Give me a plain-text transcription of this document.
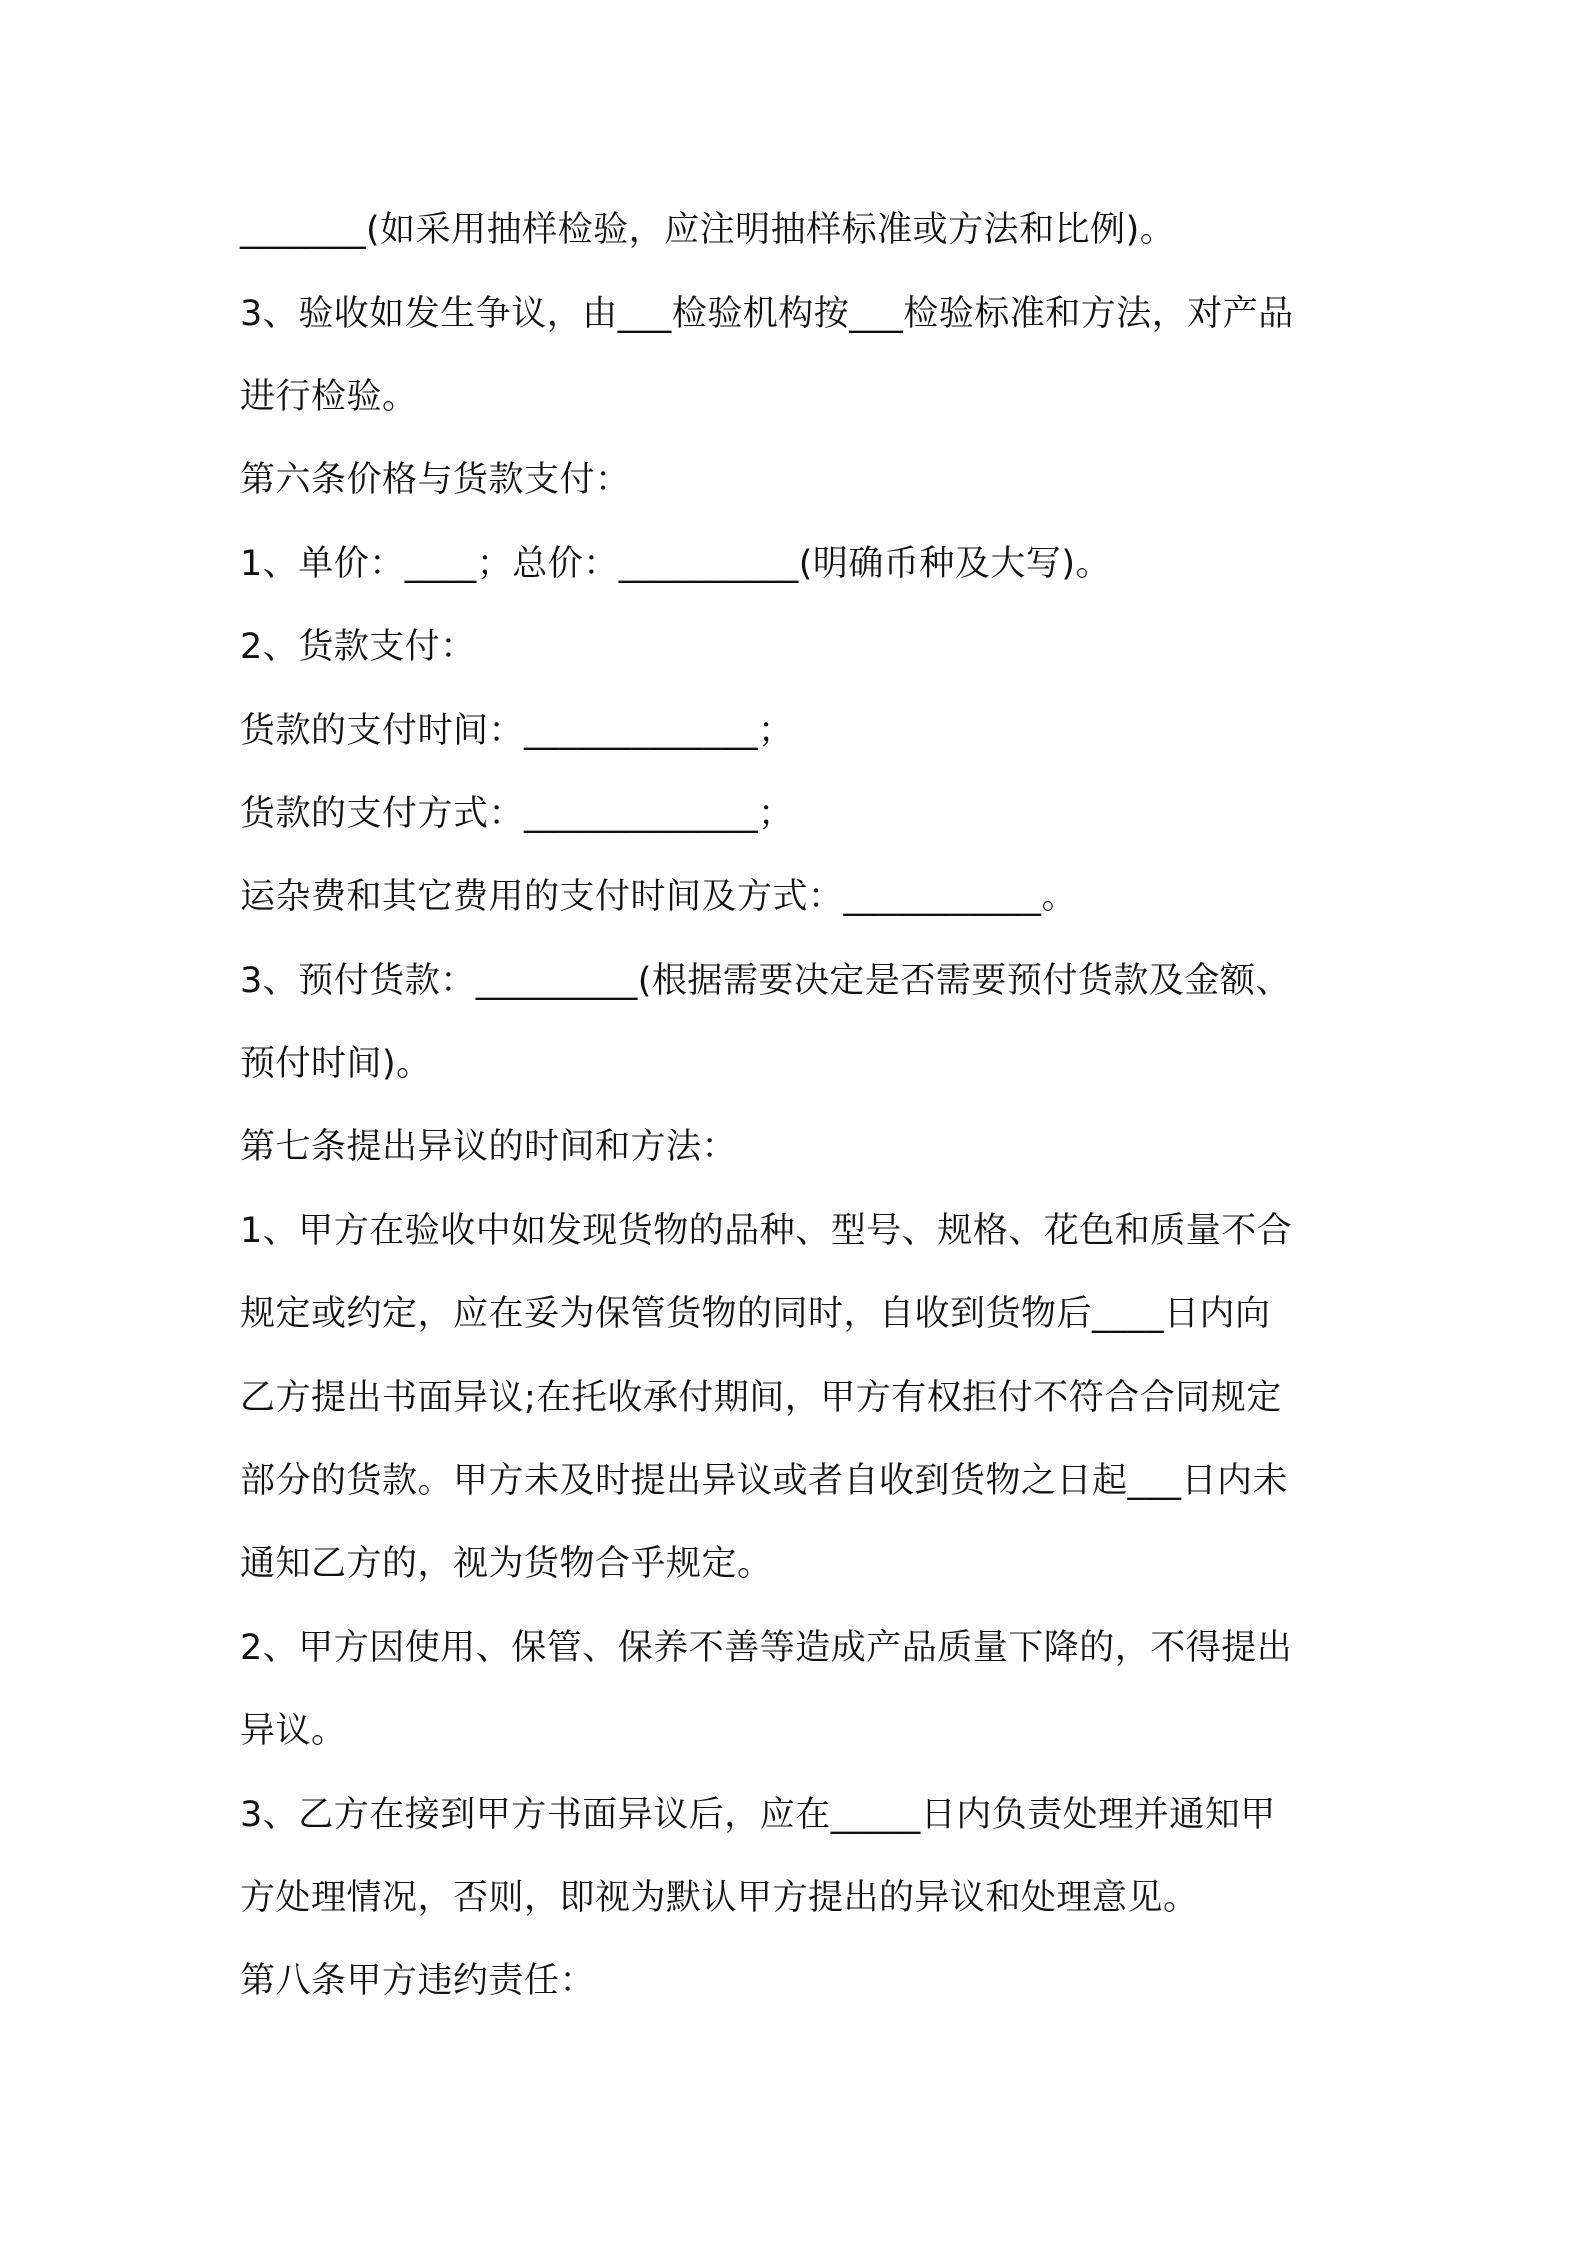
_______(如采用抽样检验，应注明抽样标准或方法和比例)。
3、验收如发生争议，由___检验机构按___检验标准和方法，对产品
进行检验。
第六条价格与货款支付：
1、单价：____；总价：__________(明确币种及大写)。
2、货款支付：
货款的支付时间：_____________；
货款的支付方式：_____________；
运杂费和其它费用的支付时间及方式：___________。
3、预付货款：_________(根据需要决定是否需要预付货款及金额、
预付时间)。
第七条提出异议的时间和方法：
1、甲方在验收中如发现货物的品种、型号、规格、花色和质量不合
规定或约定，应在妥为保管货物的同时，自收到货物后____日内向
乙方提出书面异议;在托收承付期间，甲方有权拒付不符合合同规定
部分的货款。甲方未及时提出异议或者自收到货物之日起___日内未
通知乙方的，视为货物合乎规定。
2、甲方因使用、保管、保养不善等造成产品质量下降的，不得提出
异议。
3、乙方在接到甲方书面异议后，应在_____日内负责处理并通知甲
方处理情况，否则，即视为默认甲方提出的异议和处理意见。
第八条甲方违约责任：
